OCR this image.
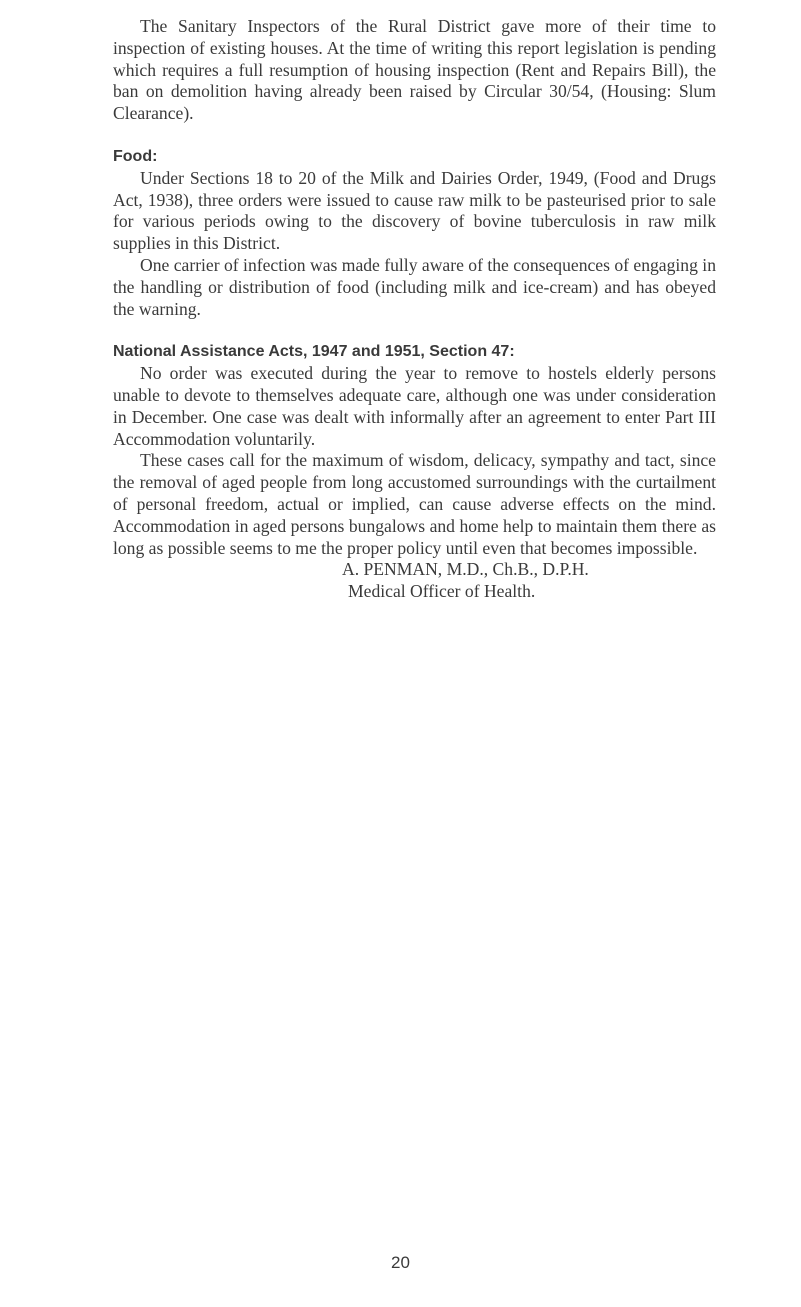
The Sanitary Inspectors of the Rural District gave more of their time to inspection of existing houses. At the time of writing this report legislation is pending which requires a full resumption of housing inspection (Rent and Repairs Bill), the ban on demolition having already been raised by Circular 30/54, (Housing: Slum Clearance).

Food:

Under Sections 18 to 20 of the Milk and Dairies Order, 1949, (Food and Drugs Act, 1938), three orders were issued to cause raw milk to be pasteurised prior to sale for various periods owing to the discovery of bovine tuberculosis in raw milk supplies in this District.

One carrier of infection was made fully aware of the consequences of engaging in the handling or distribution of food (including milk and ice-cream) and has obeyed the warning.

National Assistance Acts, 1947 and 1951, Section 47:

No order was executed during the year to remove to hostels elderly persons unable to devote to themselves adequate care, although one was under consideration in December. One case was dealt with informally after an agreement to enter Part III Accommodation voluntarily.

These cases call for the maximum of wisdom, delicacy, sympathy and tact, since the removal of aged people from long accustomed surroundings with the curtailment of personal freedom, actual or implied, can cause adverse effects on the mind. Accommodation in aged persons bungalows and home help to maintain them there as long as possible seems to me the proper policy until even that becomes impossible.

A. PENMAN, M.D., Ch.B., D.P.H.
Medical Officer of Health.
20
